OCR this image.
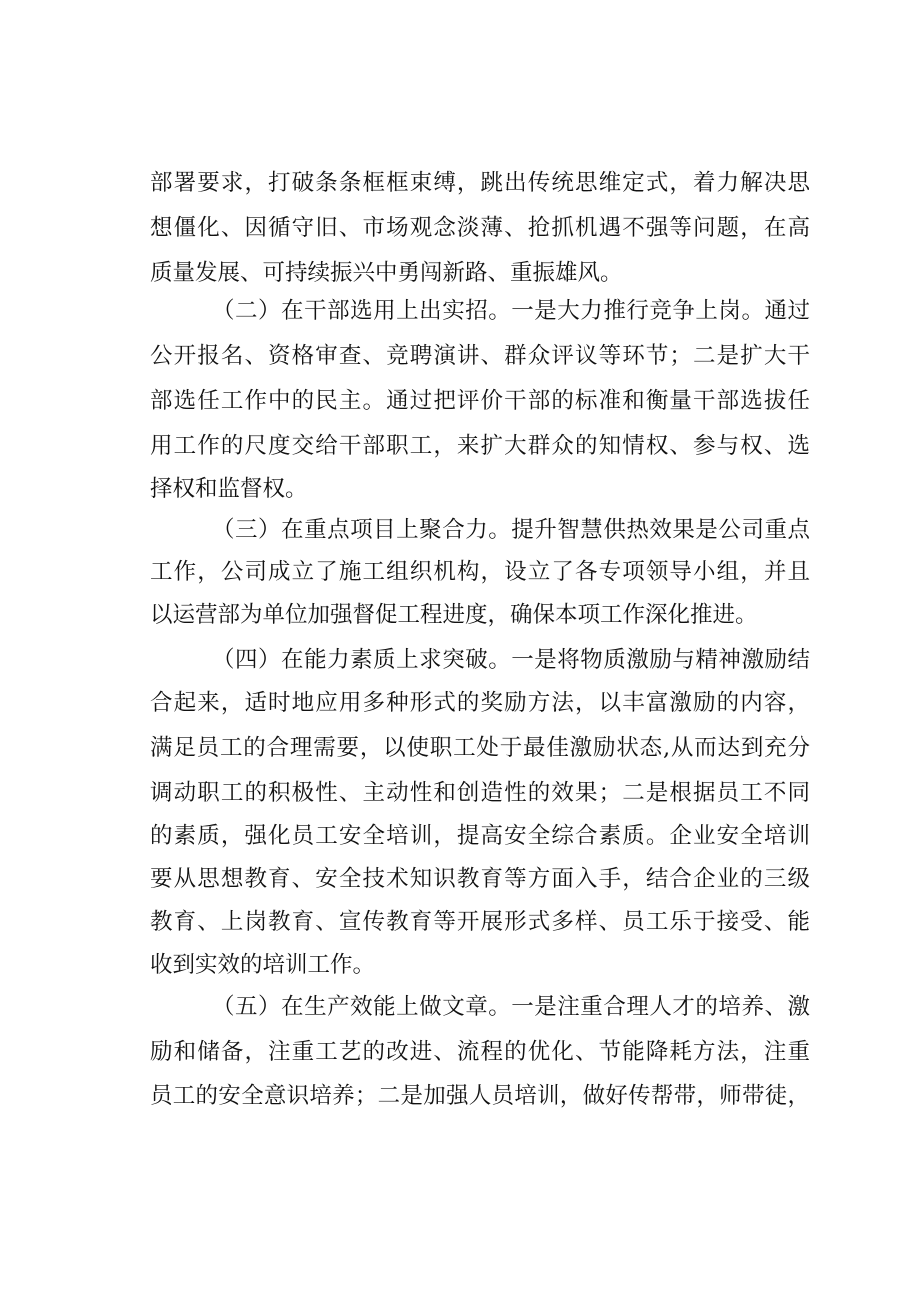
部署要求，打破条条框框束缚，跳出传统思维定式，着力解决思
想僵化、因循守旧、市场观念淡薄、抢抓机遇不强等问题，在高
质量发展、可持续振兴中勇闯新路、重振雄风。
（二）在干部选用上出实招。一是大力推行竞争上岗。通过
公开报名、资格审查、竞聘演讲、群众评议等环节；二是扩大干
部选任工作中的民主。通过把评价干部的标准和衡量干部选拔任
用工作的尺度交给干部职工，来扩大群众的知情权、参与权、选
择权和监督权。
（三）在重点项目上聚合力。提升智慧供热效果是公司重点
工作，公司成立了施工组织机构，设立了各专项领导小组，并且
以运营部为单位加强督促工程进度，确保本项工作深化推进。
（四）在能力素质上求突破。一是将物质激励与精神激励结
合起来，适时地应用多种形式的奖励方法，以丰富激励的内容，
满足员工的合理需要，以使职工处于最佳激励状态,从而达到充分
调动职工的积极性、主动性和创造性的效果；二是根据员工不同
的素质，强化员工安全培训，提高安全综合素质。企业安全培训
要从思想教育、安全技术知识教育等方面入手，结合企业的三级
教育、上岗教育、宣传教育等开展形式多样、员工乐于接受、能
收到实效的培训工作。
（五）在生产效能上做文章。一是注重合理人才的培养、激
励和储备，注重工艺的改进、流程的优化、节能降耗方法，注重
员工的安全意识培养；二是加强人员培训，做好传帮带，师带徒，
